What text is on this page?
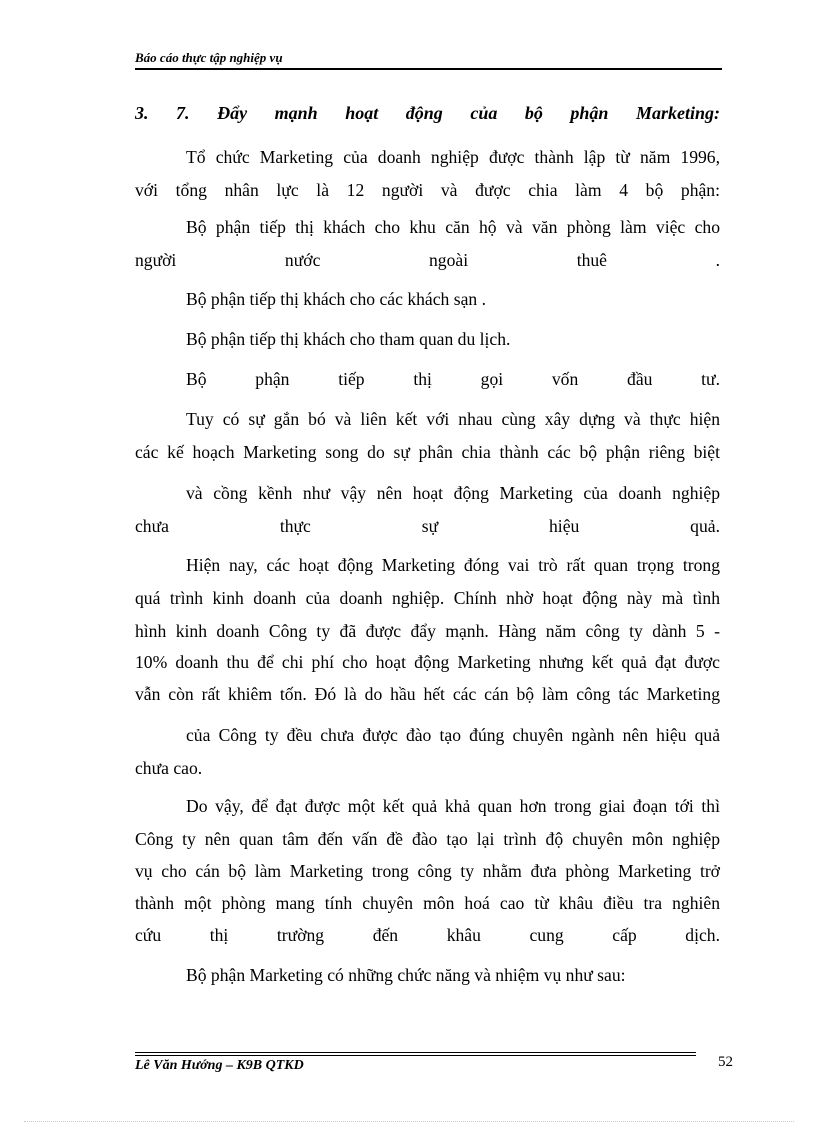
Báo cáo thực tập nghiệp vụ
3. 7. Đẩy mạnh hoạt động của bộ phận Marketing:
Tổ chức Marketing của doanh nghiệp được thành lập từ năm 1996,
với tổng nhân lực là 12 người và được chia làm 4 bộ phận:
Bộ phận tiếp thị khách cho khu căn hộ và văn phòng làm việc cho
người nước ngoài thuê .
Bộ phận tiếp thị khách cho các khách sạn .
Bộ phận tiếp thị khách cho tham quan du lịch.
Bộ phận tiếp thị gọi vốn đầu tư.
Tuy có sự gắn bó và liên kết với nhau cùng xây dựng và thực hiện
các kế hoạch Marketing song do sự phân chia thành các bộ phận riêng biệt
và cồng kềnh như vậy nên hoạt động Marketing của doanh nghiệp
chưa thực sự hiệu quả.
Hiện nay, các hoạt động Marketing đóng vai trò rất quan trọng trong
quá trình kinh doanh của doanh nghiệp. Chính nhờ hoạt động này mà tình
hình kinh doanh Công ty đã được đẩy mạnh. Hàng năm công ty dành 5 -
10% doanh thu để chi phí cho hoạt động Marketing nhưng kết quả đạt được
vẫn còn rất khiêm tốn. Đó là do hầu hết các cán bộ làm công tác Marketing
của Công ty đều chưa được đào tạo đúng chuyên ngành nên hiệu quả
chưa cao.
Do vậy, để đạt được một kết quả khả quan hơn trong giai đoạn tới thì
Công ty nên quan tâm đến vấn đề đào tạo lại trình độ chuyên môn nghiệp
vụ cho cán bộ làm Marketing trong công ty nhằm đưa phòng Marketing trở
thành một phòng mang tính chuyên môn hoá cao từ khâu điều tra nghiên
cứu thị trường đến khâu cung cấp dịch.
Bộ phận Marketing có những chức năng và nhiệm vụ như sau:
Lê Văn Hướng – K9B QTKD	52
